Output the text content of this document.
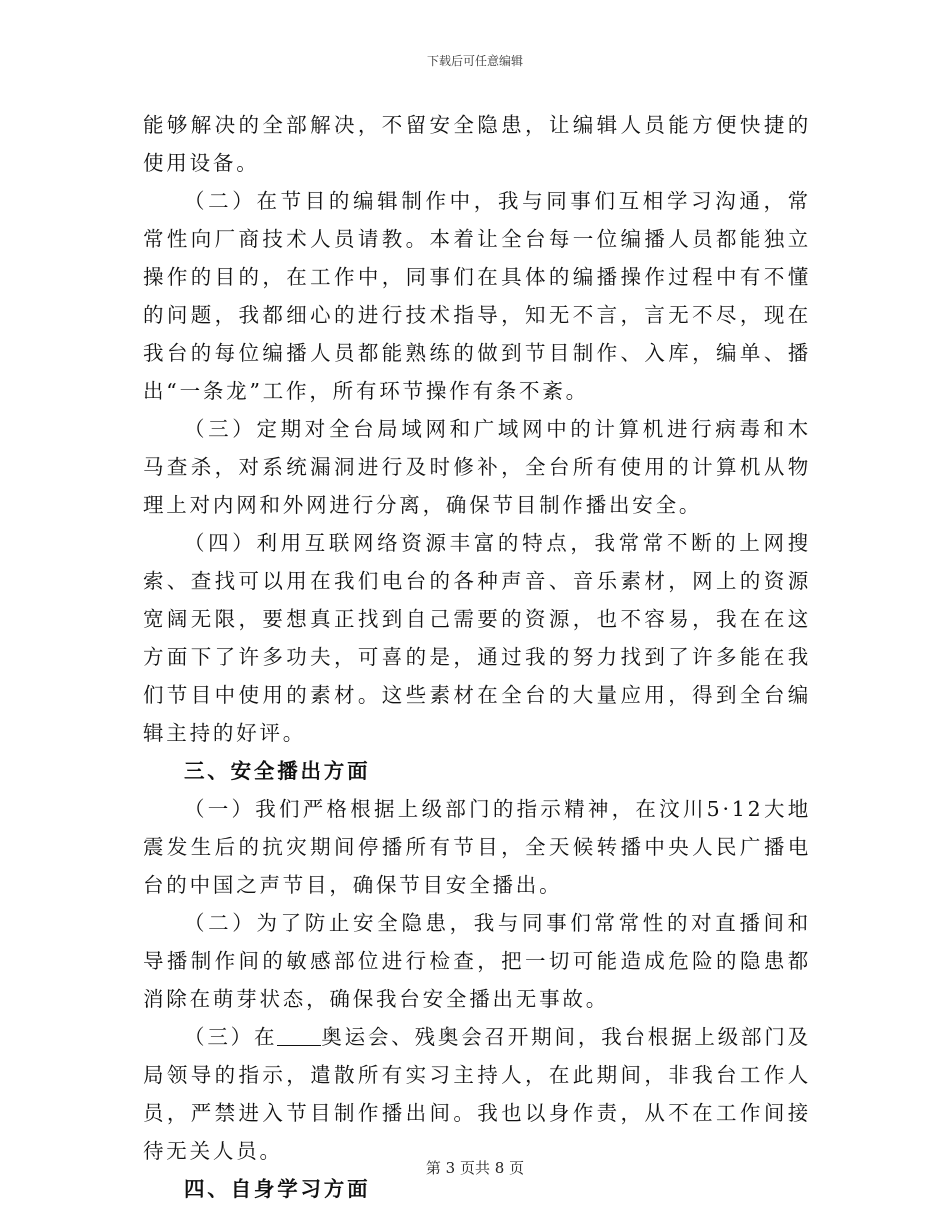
下载后可任意编辑

能够解决的全部解决，不留安全隐患，让编辑人员能方便快捷的使用设备。

（二）在节目的编辑制作中，我与同事们互相学习沟通，常常性向厂商技术人员请教。本着让全台每一位编播人员都能独立操作的目的，在工作中，同事们在具体的编播操作过程中有不懂的问题，我都细心的进行技术指导，知无不言，言无不尽，现在我台的每位编播人员都能熟练的做到节目制作、入库，编单、播出“一条龙”工作，所有环节操作有条不紊。

（三）定期对全台局域网和广域网中的计算机进行病毒和木马查杀，对系统漏洞进行及时修补，全台所有使用的计算机从物理上对内网和外网进行分离，确保节目制作播出安全。

（四）利用互联网络资源丰富的特点，我常常不断的上网搜索、查找可以用在我们电台的各种声音、音乐素材，网上的资源宽阔无限，要想真正找到自己需要的资源，也不容易，我在在这方面下了许多功夫，可喜的是，通过我的努力找到了许多能在我们节目中使用的素材。这些素材在全台的大量应用，得到全台编辑主持的好评。

三、安全播出方面

（一）我们严格根据上级部门的指示精神，在汶川5·12大地震发生后的抗灾期间停播所有节目，全天候转播中央人民广播电台的中国之声节目，确保节目安全播出。

（二）为了防止安全隐患，我与同事们常常性的对直播间和导播制作间的敏感部位进行检查，把一切可能造成危险的隐患都消除在萌芽状态，确保我台安全播出无事故。

（三）在 奥运会、残奥会召开期间，我台根据上级部门及局领导的指示，遣散所有实习主持人，在此期间，非我台工作人员，严禁进入节目制作播出间。我也以身作责，从不在工作间接待无关人员。

四、自身学习方面

第 3 页共 8 页
